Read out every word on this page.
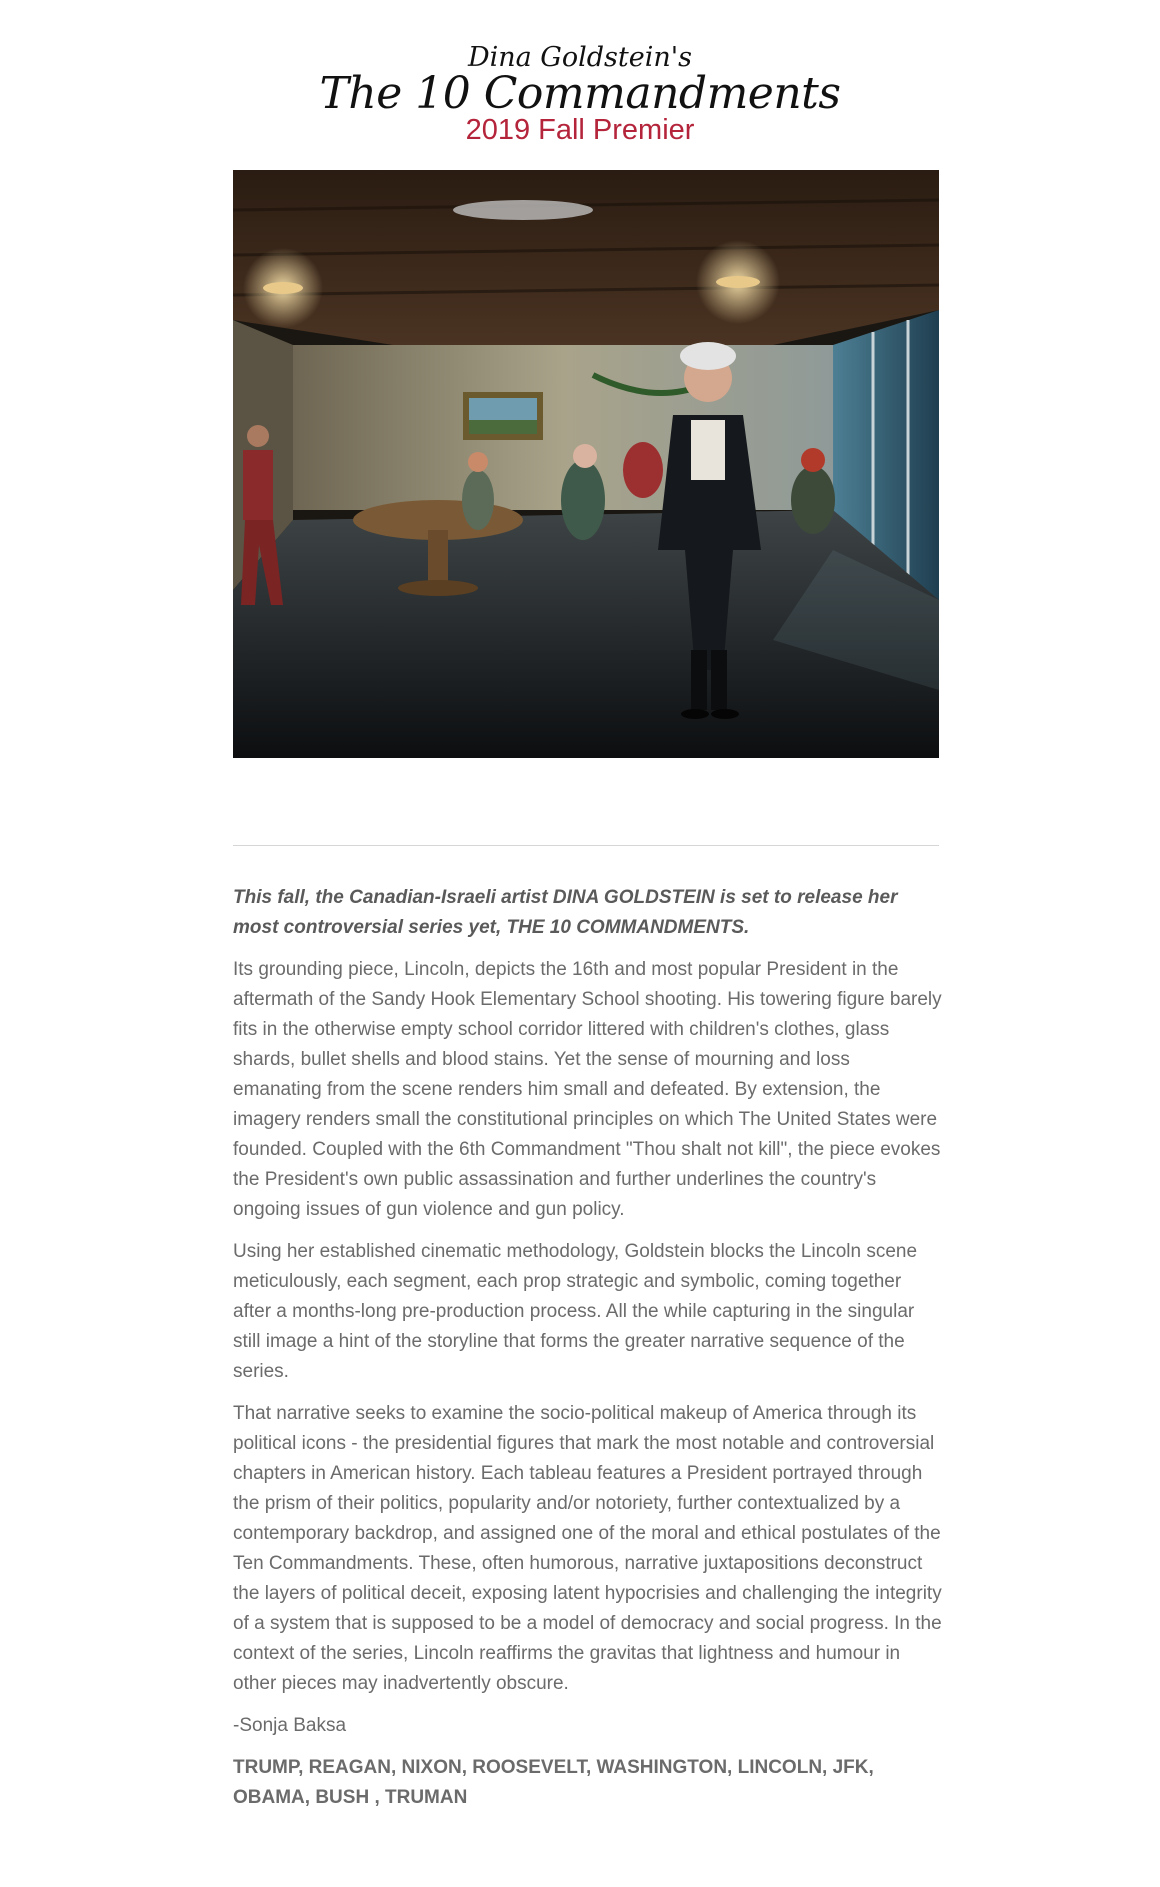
Dina Goldstein's
The 10 Commandments
2019 Fall Premier

This fall, the Canadian-Israeli artist DINA GOLDSTEIN is set to release her most controversial series yet, THE 10 COMMANDMENTS.

Its grounding piece, Lincoln, depicts the 16th and most popular President in the aftermath of the Sandy Hook Elementary School shooting. His towering figure barely fits in the otherwise empty school corridor littered with children's clothes, glass shards, bullet shells and blood stains. Yet the sense of mourning and loss emanating from the scene renders him small and defeated. By extension, the imagery renders small the constitutional principles on which The United States were founded. Coupled with the 6th Commandment "Thou shalt not kill", the piece evokes the President's own public assassination and further underlines the country's ongoing issues of gun violence and gun policy.

Using her established cinematic methodology, Goldstein blocks the Lincoln scene meticulously, each segment, each prop strategic and symbolic, coming together after a months-long pre-production process. All the while capturing in the singular still image a hint of the storyline that forms the greater narrative sequence of the series.

That narrative seeks to examine the socio-political makeup of America through its political icons - the presidential figures that mark the most notable and controversial chapters in American history. Each tableau features a President portrayed through the prism of their politics, popularity and/or notoriety, further contextualized by a contemporary backdrop, and assigned one of the moral and ethical postulates of the Ten Commandments. These, often humorous, narrative juxtapositions deconstruct the layers of political deceit, exposing latent hypocrisies and challenging the integrity of a system that is supposed to be a model of democracy and social progress. In the context of the series, Lincoln reaffirms the gravitas that lightness and humour in other pieces may inadvertently obscure.

-Sonja Baksa

TRUMP, REAGAN, NIXON, ROOSEVELT, WASHINGTON, LINCOLN, JFK, OBAMA, BUSH , TRUMAN
